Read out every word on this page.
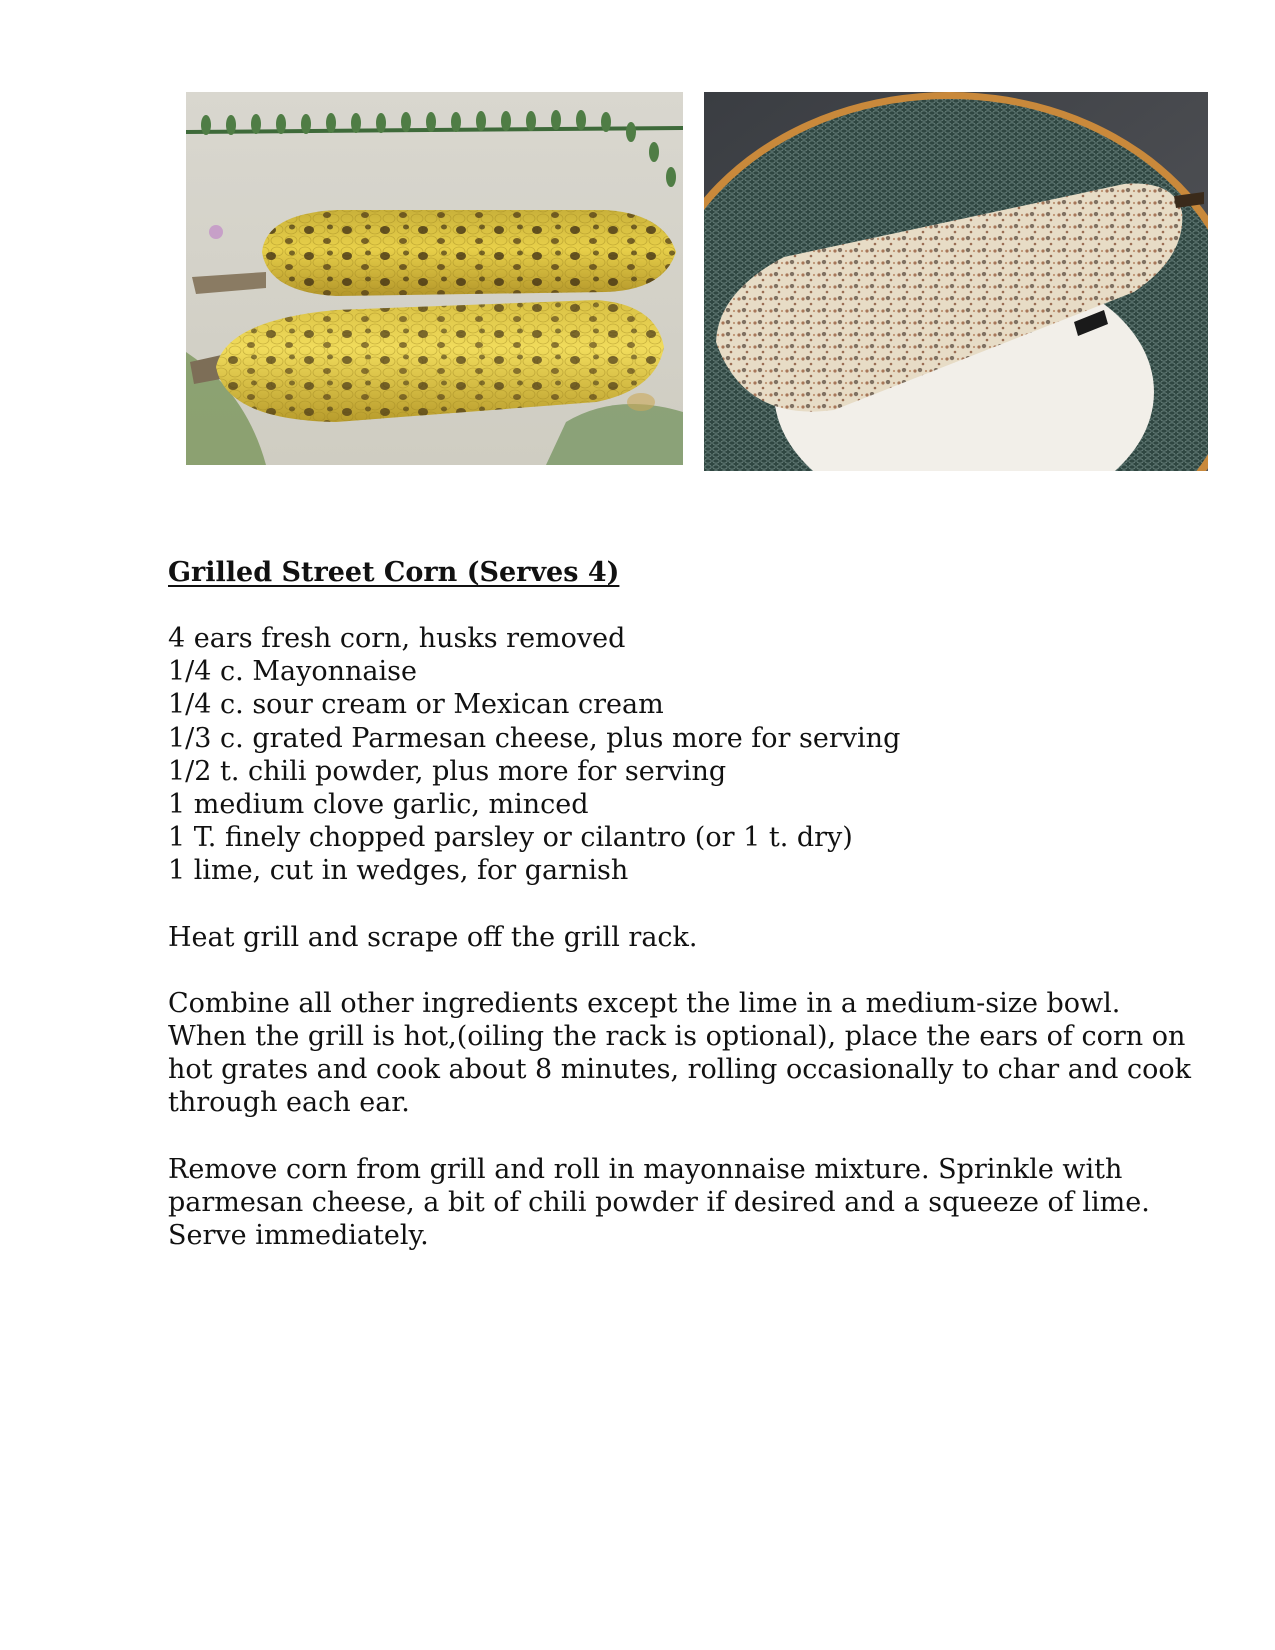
Grilled Street Corn (Serves 4)
4 ears fresh corn, husks removed
1/4 c. Mayonnaise
1/4 c. sour cream or Mexican cream
1/3 c. grated Parmesan cheese, plus more for serving
1/2 t. chili powder, plus more for serving
1 medium clove garlic, minced
1 T. finely chopped parsley or cilantro (or 1 t. dry)
1 lime, cut in wedges, for garnish
Heat grill and scrape off the grill rack.
Combine all other ingredients except the lime in a medium-size bowl.
When the grill is hot,(oiling the rack is optional), place the ears of corn on
hot grates and cook about 8 minutes, rolling occasionally to char and cook
through each ear.
Remove corn from grill and roll in mayonnaise mixture. Sprinkle with
parmesan cheese, a bit of chili powder if desired and a squeeze of lime.
Serve immediately.
